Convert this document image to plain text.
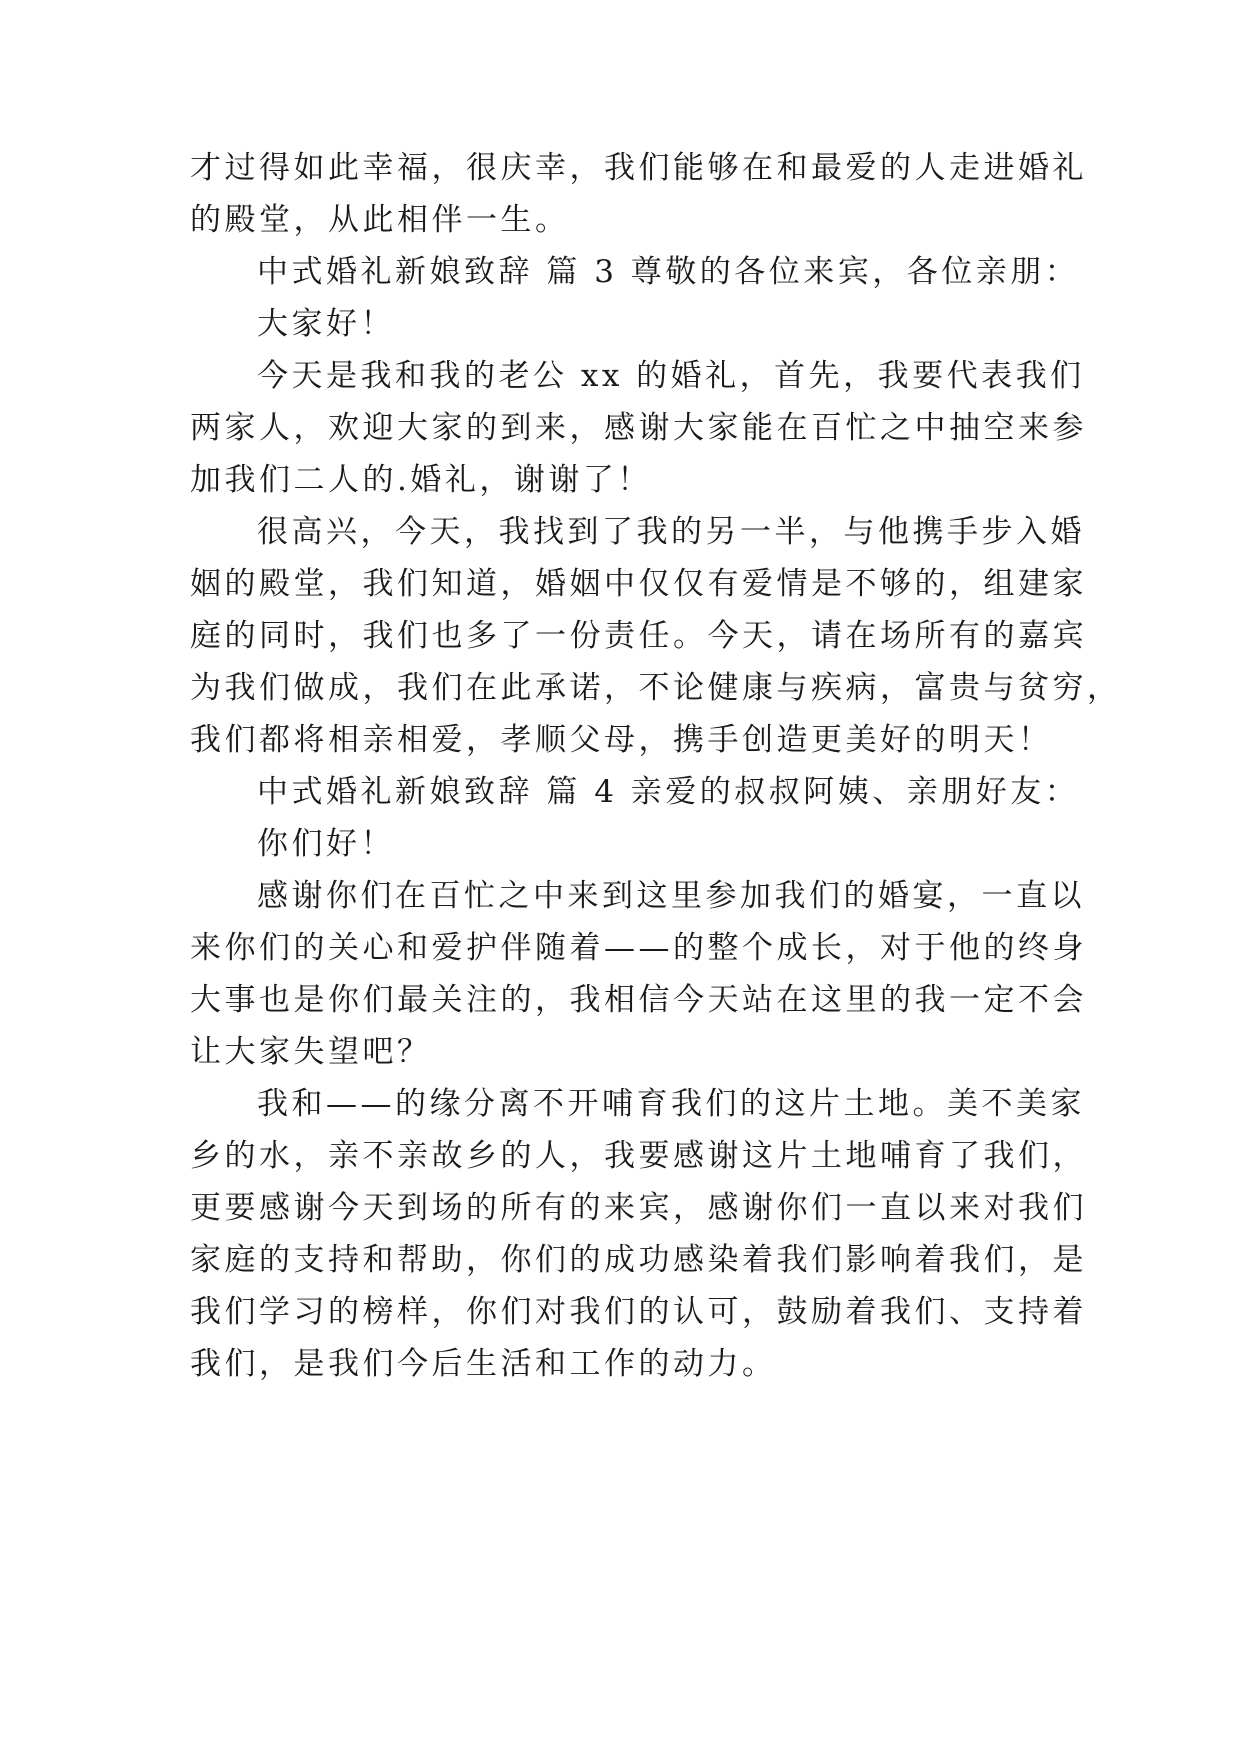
才过得如此幸福，很庆幸，我们能够在和最爱的人走进婚礼
的殿堂，从此相伴一生。
中式婚礼新娘致辞 篇 3 尊敬的各位来宾，各位亲朋：
大家好！
今天是我和我的老公 xx 的婚礼，首先，我要代表我们
两家人，欢迎大家的到来，感谢大家能在百忙之中抽空来参
加我们二人的.婚礼，谢谢了！
很高兴，今天，我找到了我的另一半，与他携手步入婚
姻的殿堂，我们知道，婚姻中仅仅有爱情是不够的，组建家
庭的同时，我们也多了一份责任。今天，请在场所有的嘉宾
为我们做成，我们在此承诺，不论健康与疾病，富贵与贫穷，
我们都将相亲相爱，孝顺父母，携手创造更美好的明天！
中式婚礼新娘致辞 篇 4 亲爱的叔叔阿姨、亲朋好友：
你们好！
感谢你们在百忙之中来到这里参加我们的婚宴，一直以
来你们的关心和爱护伴随着——的整个成长，对于他的终身
大事也是你们最关注的，我相信今天站在这里的我一定不会
让大家失望吧？
我和——的缘分离不开哺育我们的这片土地。美不美家
乡的水，亲不亲故乡的人，我要感谢这片土地哺育了我们，
更要感谢今天到场的所有的来宾，感谢你们一直以来对我们
家庭的支持和帮助，你们的成功感染着我们影响着我们，是
我们学习的榜样，你们对我们的认可，鼓励着我们、支持着
我们，是我们今后生活和工作的动力。
